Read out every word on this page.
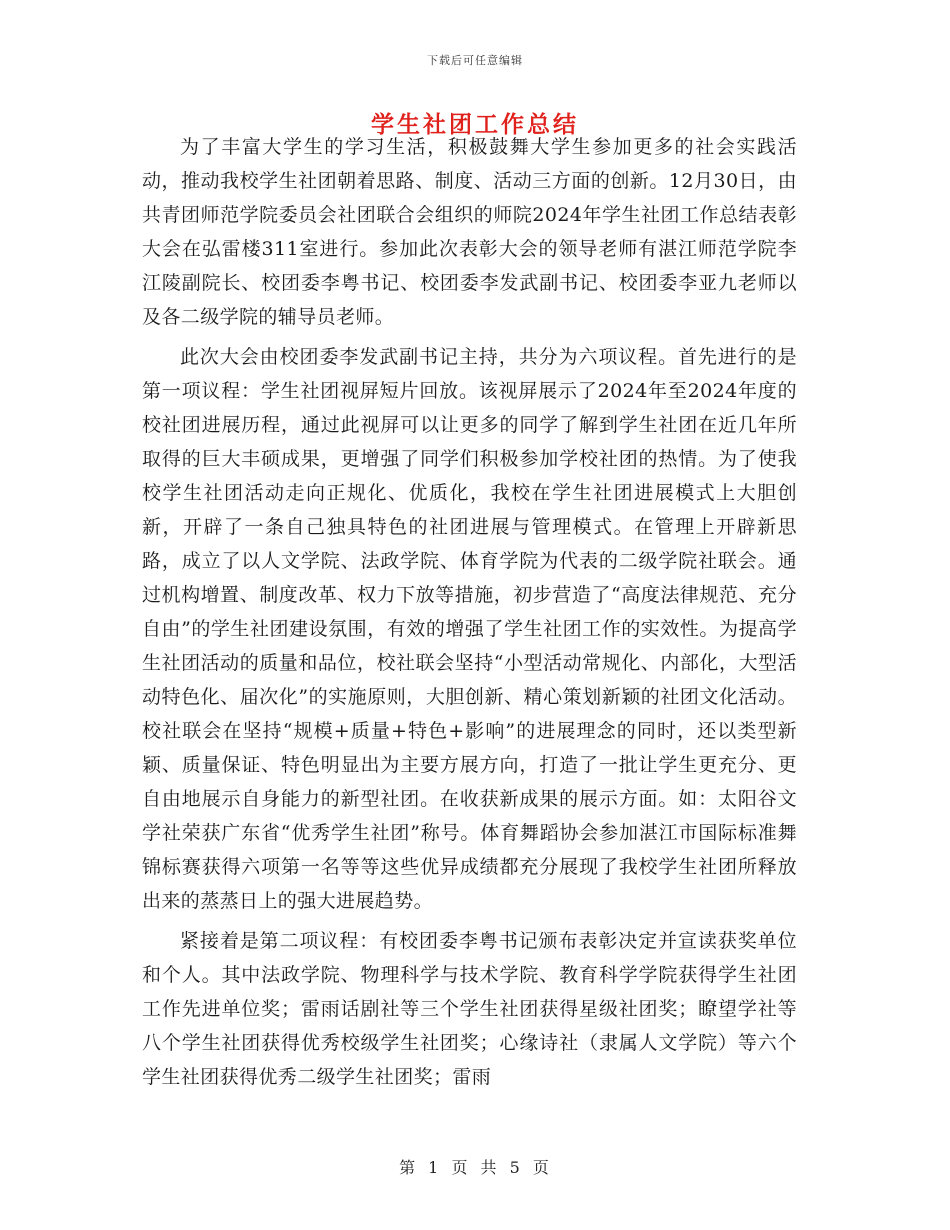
下载后可任意编辑
学生社团工作总结

为了丰富大学生的学习生活，积极鼓舞大学生参加更多的社会实践活动，推动我校学生社团朝着思路、制度、活动三方面的创新。12月30日，由共青团师范学院委员会社团联合会组织的师院2024年学生社团工作总结表彰大会在弘雷楼311室进行。参加此次表彰大会的领导老师有湛江师范学院李江陵副院长、校团委李粤书记、校团委李发武副书记、校团委李亚九老师以及各二级学院的辅导员老师。

此次大会由校团委李发武副书记主持，共分为六项议程。首先进行的是第一项议程：学生社团视屏短片回放。该视屏展示了2024年至2024年度的校社团进展历程，通过此视屏可以让更多的同学了解到学生社团在近几年所取得的巨大丰硕成果，更增强了同学们积极参加学校社团的热情。为了使我校学生社团活动走向正规化、优质化，我校在学生社团进展模式上大胆创新，开辟了一条自己独具特色的社团进展与管理模式。在管理上开辟新思路，成立了以人文学院、法政学院、体育学院为代表的二级学院社联会。通过机构增置、制度改革、权力下放等措施，初步营造了“高度法律规范、充分自由”的学生社团建设氛围，有效的增强了学生社团工作的实效性。为提高学生社团活动的质量和品位，校社联会坚持“小型活动常规化、内部化，大型活动特色化、届次化”的实施原则，大胆创新、精心策划新颖的社团文化活动。校社联会在坚持“规模+质量+特色+影响”的进展理念的同时，还以类型新颖、质量保证、特色明显出为主要方展方向，打造了一批让学生更充分、更自由地展示自身能力的新型社团。在收获新成果的展示方面。如：太阳谷文学社荣获广东省“优秀学生社团”称号。体育舞蹈协会参加湛江市国际标准舞锦标赛获得六项第一名等等这些优异成绩都充分展现了我校学生社团所释放出来的蒸蒸日上的强大进展趋势。

紧接着是第二项议程：有校团委李粤书记颁布表彰决定并宣读获奖单位和个人。其中法政学院、物理科学与技术学院、教育科学学院获得学生社团工作先进单位奖；雷雨话剧社等三个学生社团获得星级社团奖；瞭望学社等八个学生社团获得优秀校级学生社团奖；心缘诗社（隶属人文学院）等六个学生社团获得优秀二级学生社团奖；雷雨

第 1 页 共 5 页
